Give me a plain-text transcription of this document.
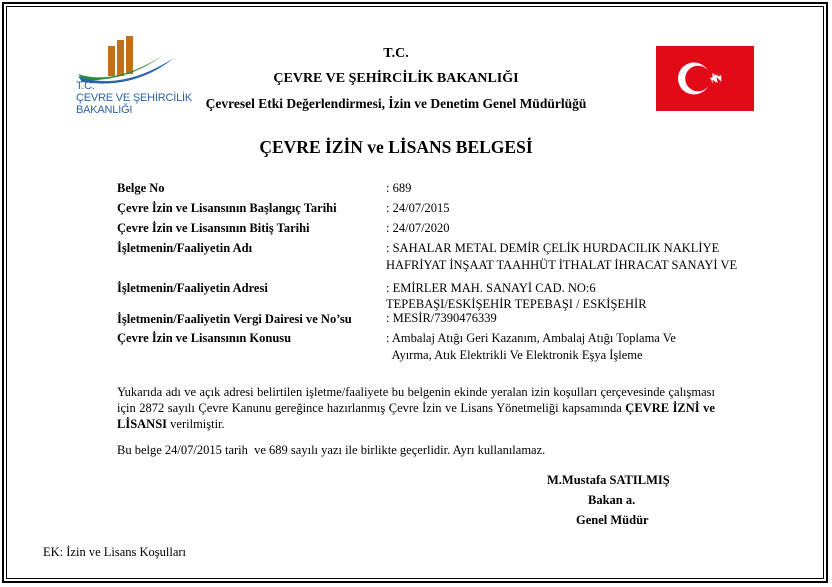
T.C.
ÇEVRE VE ŞEHİRCİLİK
BAKANLIĞI
T.C.
ÇEVRE VE ŞEHİRCİLİK BAKANLIĞI
Çevresel Etki Değerlendirmesi, İzin ve Denetim Genel Müdürlüğü
ÇEVRE İZİN ve LİSANS BELGESİ
Belge No	: 689
Çevre İzin ve Lisansının Başlangıç Tarihi	: 24/07/2015
Çevre İzin ve Lisansının Bitiş Tarihi	: 24/07/2020
İşletmenin/Faaliyetin Adı	: SAHALAR METAL DEMİR ÇELİK HURDACILIK NAKLİYE
HAFRİYAT İNŞAAT TAAHHÜT İTHALAT İHRACAT SANAYİ VE
İşletmenin/Faaliyetin Adresi	: EMİRLER MAH. SANAYİ CAD. NO:6
TEPEBAŞI/ESKİŞEHİR TEPEBAŞI / ESKİŞEHİR
İşletmenin/Faaliyetin Vergi Dairesi ve No’su	: MESİR/7390476339
Çevre İzin ve Lisansının Konusu	: Ambalaj Atığı Geri Kazanım, Ambalaj Atığı Toplama Ve
Ayırma, Atık Elektrikli Ve Elektronik Eşya İşleme
Yukarıda adı ve açık adresi belirtilen işletme/faaliyete bu belgenin ekinde yeralan izin koşulları çerçevesinde çalışması için 2872 sayılı Çevre Kanunu gereğince hazırlanmış Çevre İzin ve Lisans Yönetmeliği kapsamında ÇEVRE İZNİ ve LİSANSI verilmiştir.
Bu belge 24/07/2015 tarih  ve 689 sayılı yazı ile birlikte geçerlidir. Ayrı kullanılamaz.
M.Mustafa SATILMIŞ
Bakan a.
Genel Müdür
EK: İzin ve Lisans Koşulları
